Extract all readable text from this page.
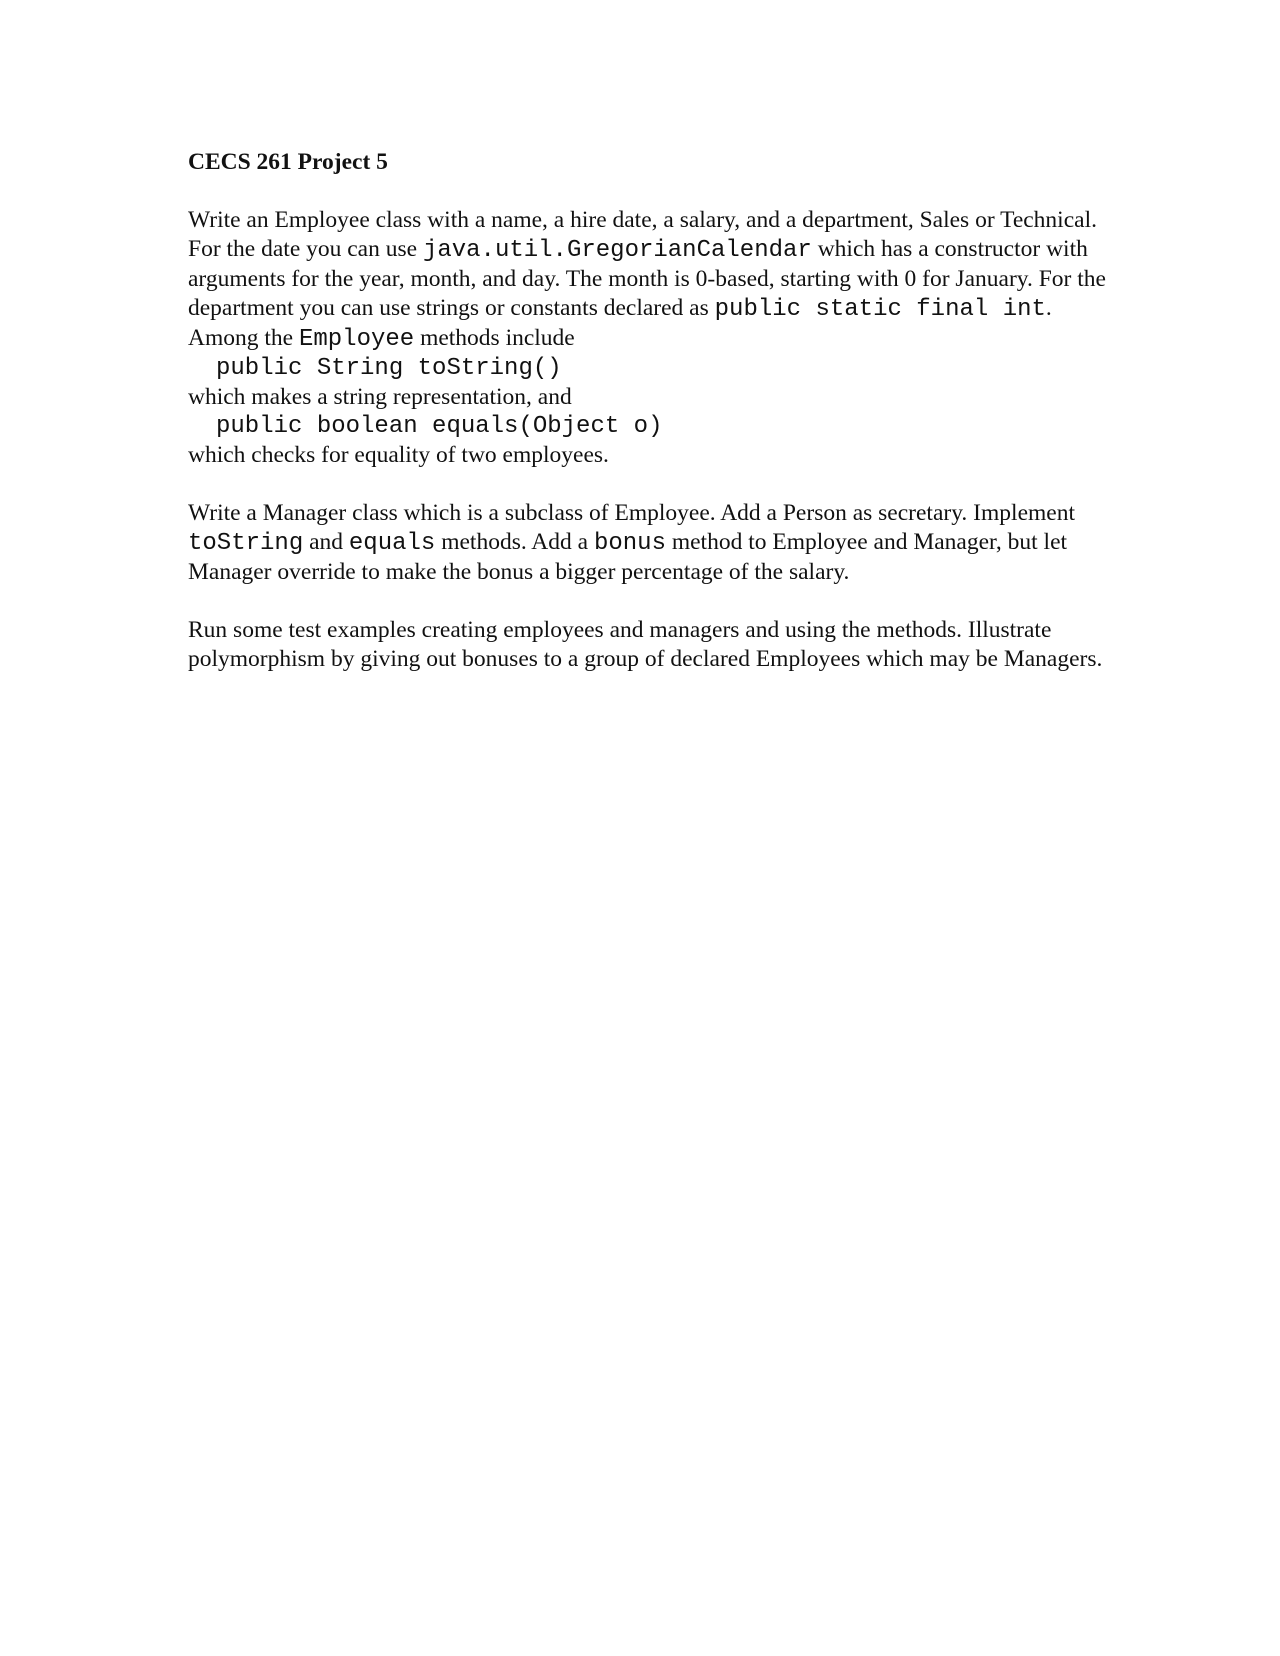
CECS 261 Project 5

Write an Employee class with a name, a hire date, a salary, and a department, Sales or Technical. For the date you can use java.util.GregorianCalendar which has a constructor with arguments for the year, month, and day. The month is 0-based, starting with 0 for January. For the department you can use strings or constants declared as public static final int. Among the Employee methods include
public String toString()
which makes a string representation, and
public boolean equals(Object o)
which checks for equality of two employees.

Write a Manager class which is a subclass of Employee. Add a Person as secretary. Implement toString and equals methods. Add a bonus method to Employee and Manager, but let Manager override to make the bonus a bigger percentage of the salary.

Run some test examples creating employees and managers and using the methods. Illustrate polymorphism by giving out bonuses to a group of declared Employees which may be Managers.
